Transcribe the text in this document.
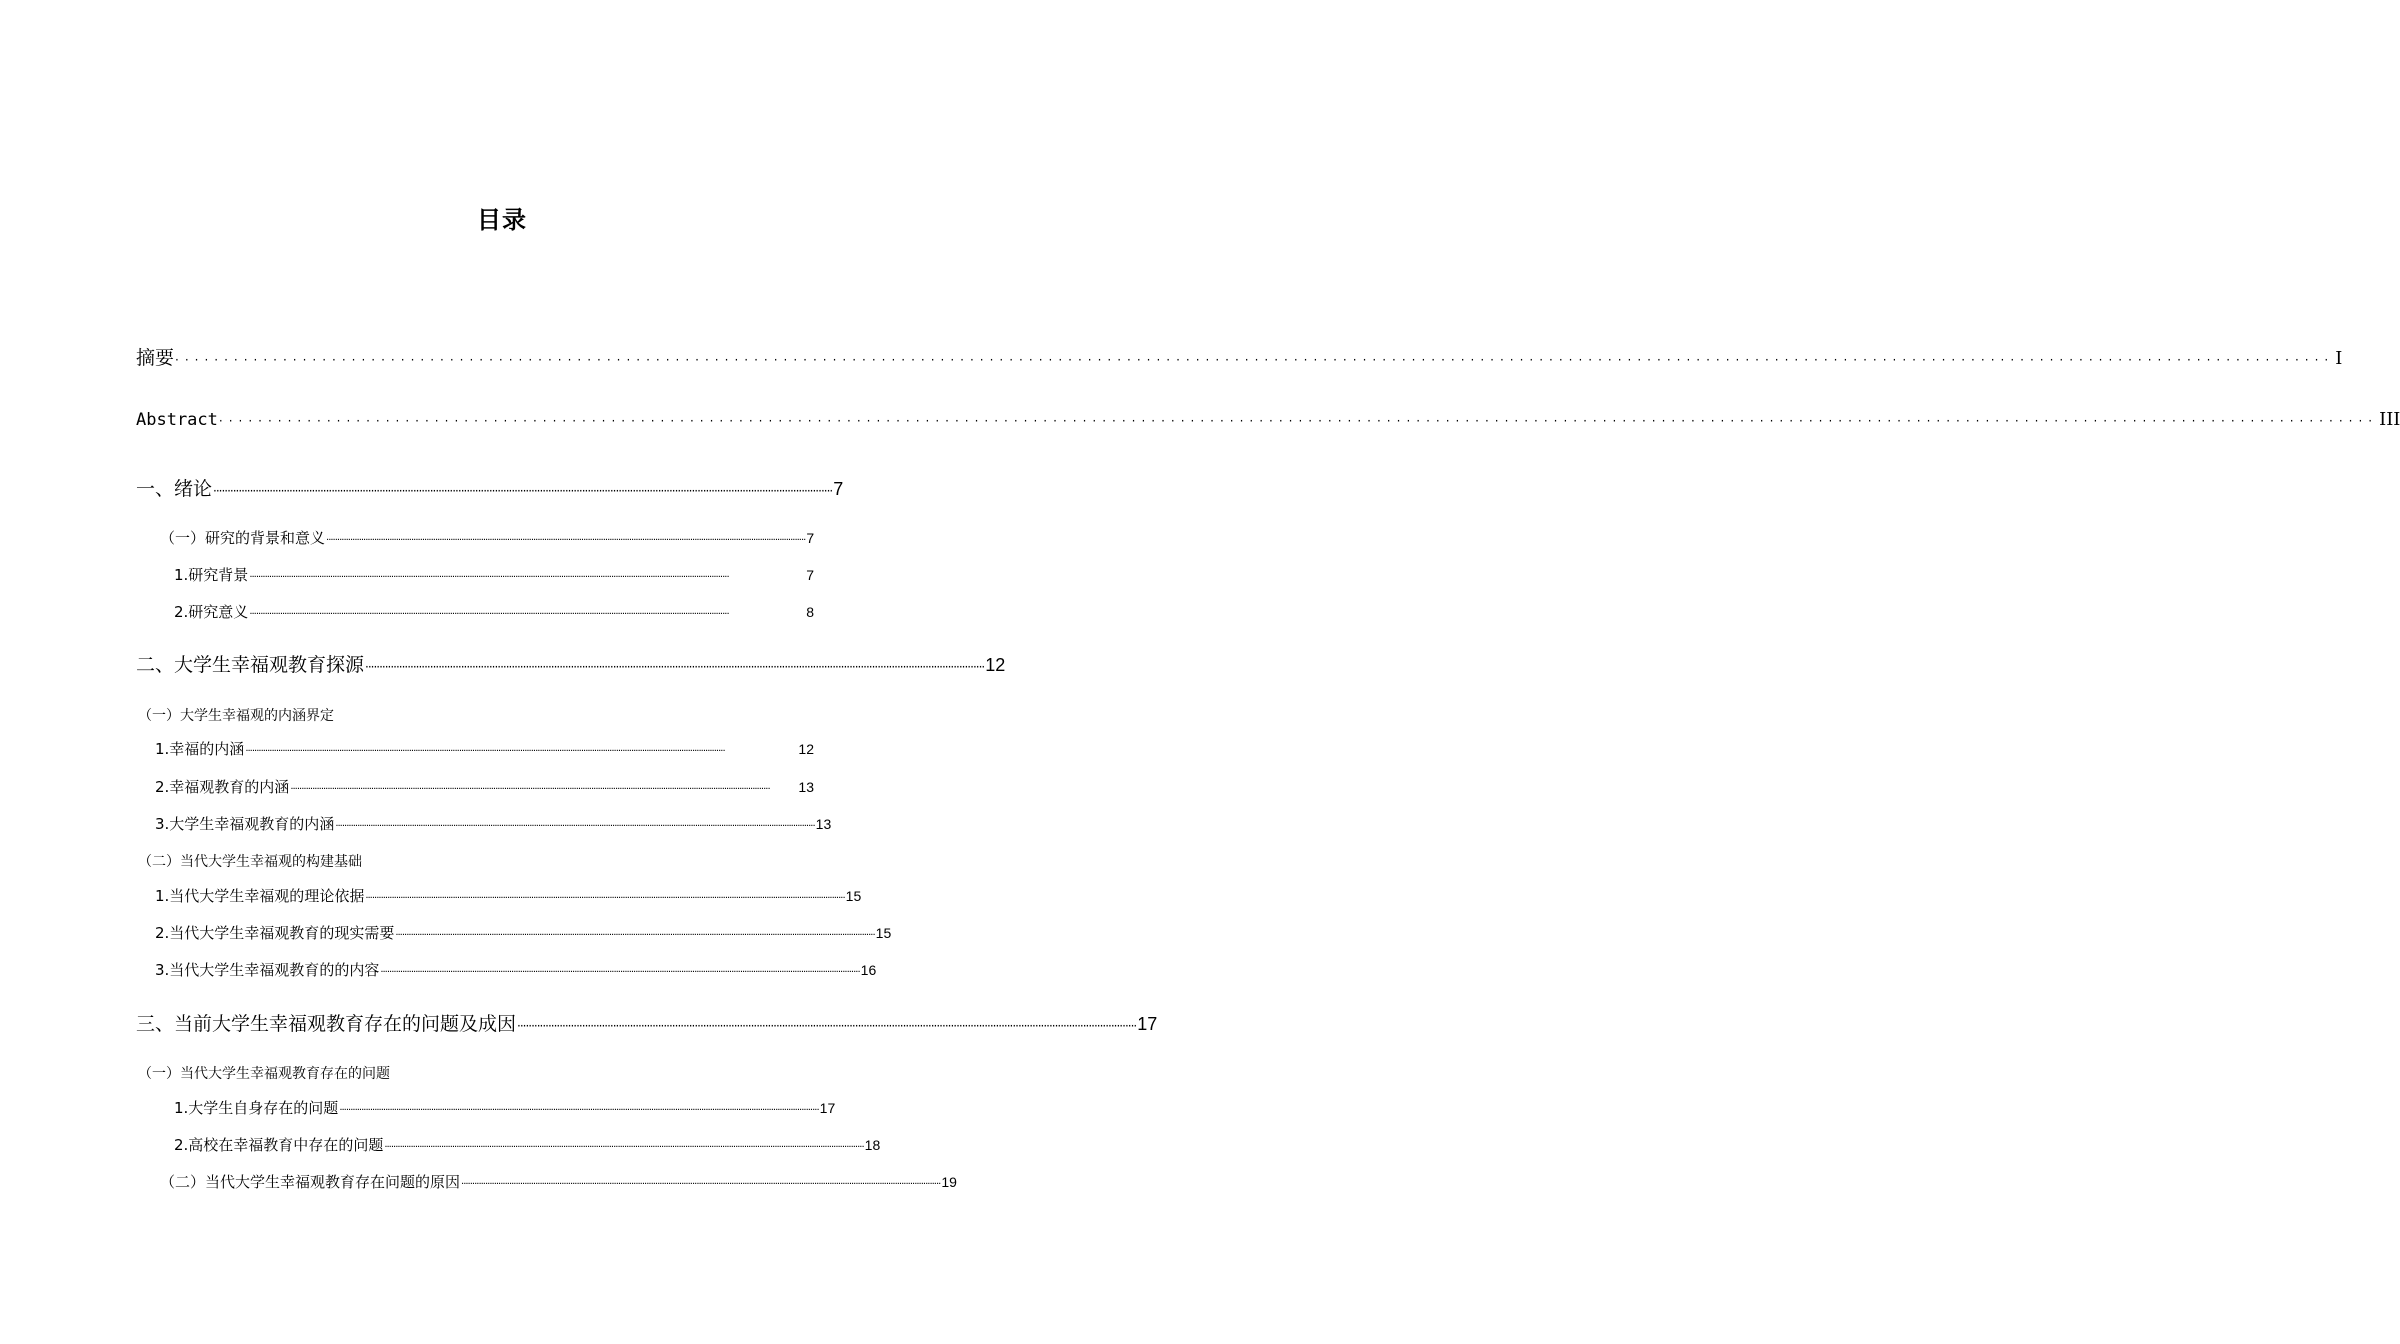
目录
摘要 ···························································································································································································································· I
Abstract ···························································································································································································································· III
一、绪论 ···························································································································································································································· 7
（一）研究的背景和意义 ···························································································································································································································· 7
1.研究背景 ····························································································································································································································	7
2.研究意义 ····························································································································································································································	8
二、大学生幸福观教育探源 ···························································································································································································································· 12
（一）大学生幸福观的内涵界定
1.幸福的内涵 ····························································································································································································································	12
2.幸福观教育的内涵 ····························································································································································································································	13
3.大学生幸福观教育的内涵 ···························································································································································································································· 13
（二）当代大学生幸福观的构建基础
1.当代大学生幸福观的理论依据 ···························································································································································································································· 15
2.当代大学生幸福观教育的现实需要 ···························································································································································································································· 15
3.当代大学生幸福观教育的的内容 ···························································································································································································································· 16
三、当前大学生幸福观教育存在的问题及成因 ···························································································································································································································· 17
（一）当代大学生幸福观教育存在的问题
1.大学生自身存在的问题 ···························································································································································································································· 17
2.高校在幸福教育中存在的问题 ···························································································································································································································· 18
（二）当代大学生幸福观教育存在问题的原因 ···························································································································································································································· 19
